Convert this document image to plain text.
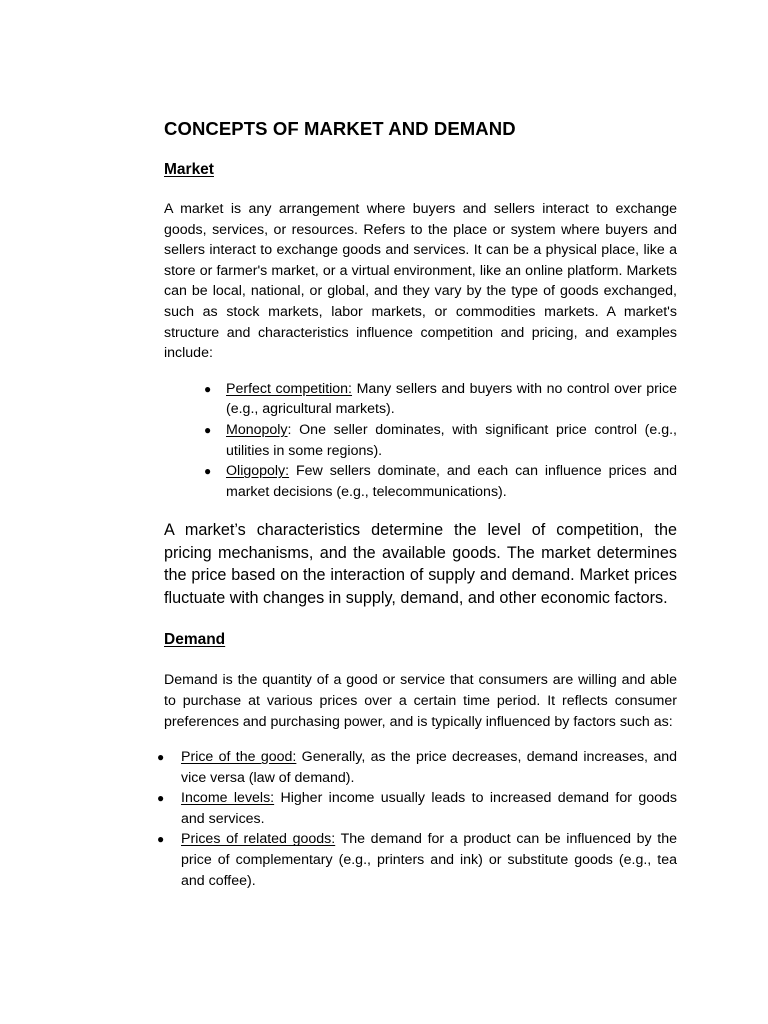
CONCEPTS OF MARKET AND DEMAND
Market

A market is any arrangement where buyers and sellers interact to exchange goods, services, or resources. Refers to the place or system where buyers and sellers interact to exchange goods and services. It can be a physical place, like a store or farmer's market, or a virtual environment, like an online platform. Markets can be local, national, or global, and they vary by the type of goods exchanged, such as stock markets, labor markets, or commodities markets. A market's structure and characteristics influence competition and pricing, and examples include:

● Perfect competition: Many sellers and buyers with no control over price (e.g., agricultural markets).
● Monopoly: One seller dominates, with significant price control (e.g., utilities in some regions).
● Oligopoly: Few sellers dominate, and each can influence prices and market decisions (e.g., telecommunications).

A market’s characteristics determine the level of competition, the pricing mechanisms, and the available goods. The market determines the price based on the interaction of supply and demand. Market prices fluctuate with changes in supply, demand, and other economic factors.

Demand

Demand is the quantity of a good or service that consumers are willing and able to purchase at various prices over a certain time period. It reflects consumer preferences and purchasing power, and is typically influenced by factors such as:

● Price of the good: Generally, as the price decreases, demand increases, and vice versa (law of demand).
● Income levels: Higher income usually leads to increased demand for goods and services.
● Prices of related goods: The demand for a product can be influenced by the price of complementary (e.g., printers and ink) or substitute goods (e.g., tea and coffee).
